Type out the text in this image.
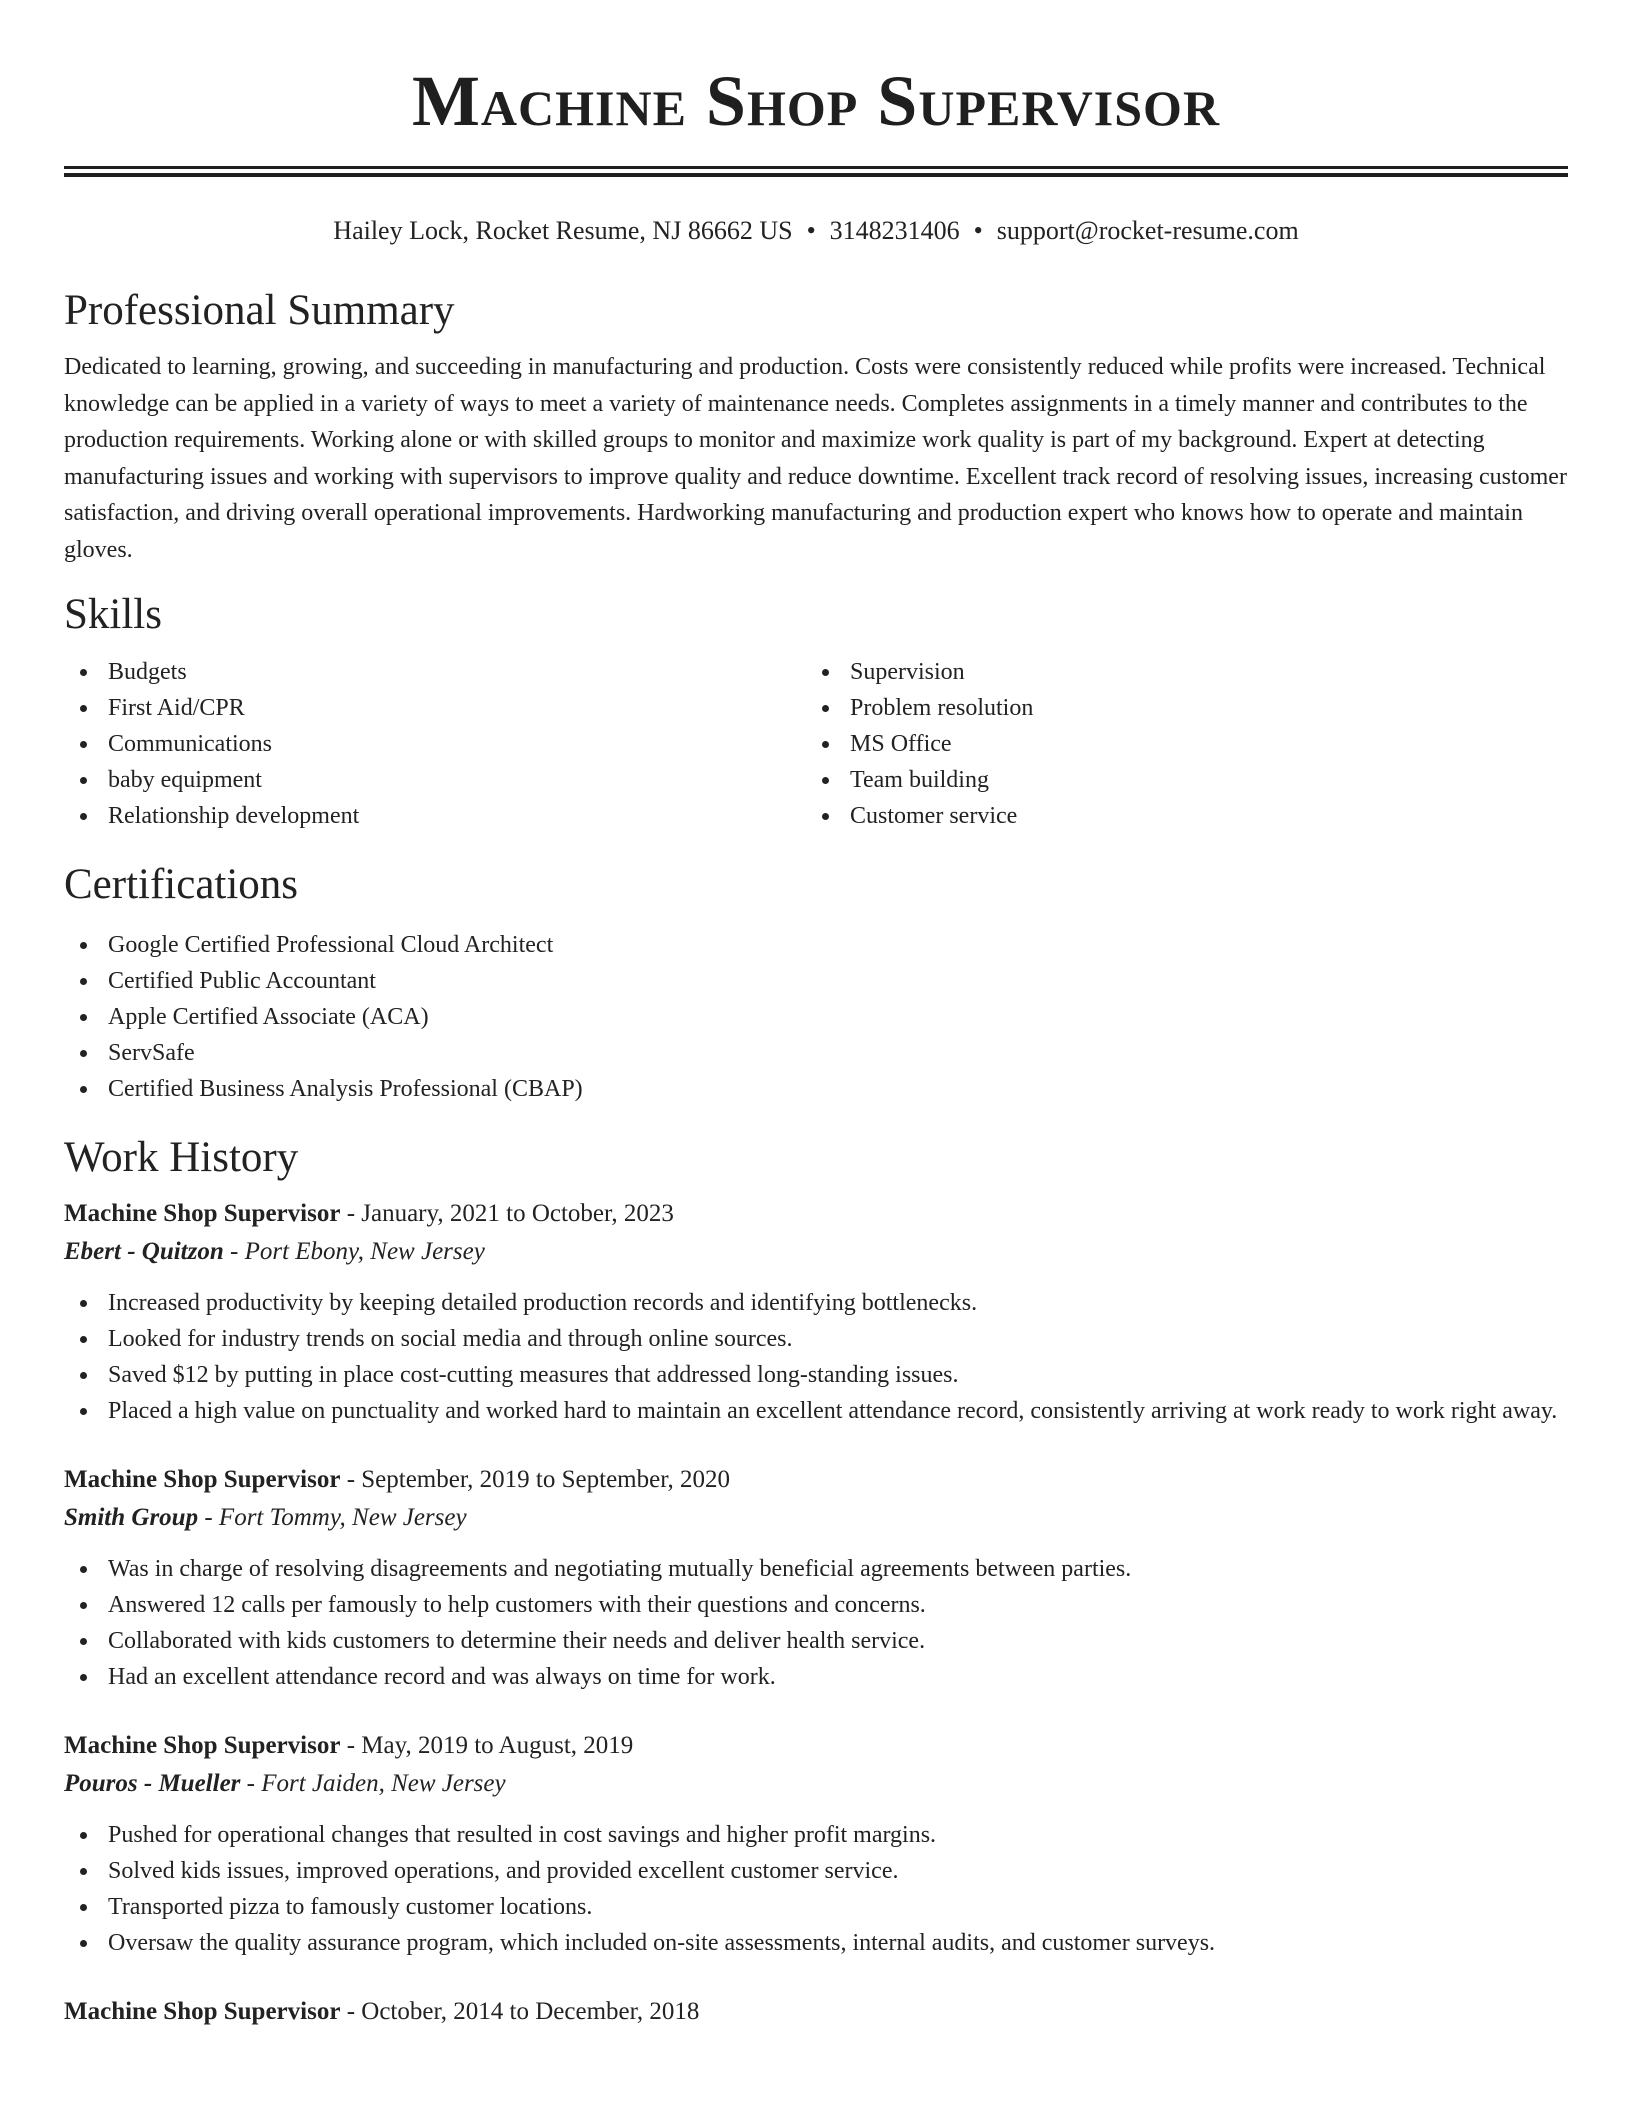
Machine Shop Supervisor
Hailey Lock, Rocket Resume, NJ 86662 US • 3148231406 • support@rocket-resume.com
Professional Summary

Dedicated to learning, growing, and succeeding in manufacturing and production. Costs were consistently reduced while profits were increased. Technical knowledge can be applied in a variety of ways to meet a variety of maintenance needs. Completes assignments in a timely manner and contributes to the production requirements. Working alone or with skilled groups to monitor and maximize work quality is part of my background. Expert at detecting manufacturing issues and working with supervisors to improve quality and reduce downtime. Excellent track record of resolving issues, increasing customer satisfaction, and driving overall operational improvements. Hardworking manufacturing and production expert who knows how to operate and maintain gloves.

Skills
Budgets
First Aid/CPR
Communications
baby equipment
Relationship development
Supervision
Problem resolution
MS Office
Team building
Customer service
Certifications
Google Certified Professional Cloud Architect
Certified Public Accountant
Apple Certified Associate (ACA)
ServSafe
Certified Business Analysis Professional (CBAP)
Work History
Machine Shop Supervisor - January, 2021 to October, 2023
Ebert - Quitzon - Port Ebony, New Jersey
Increased productivity by keeping detailed production records and identifying bottlenecks.
Looked for industry trends on social media and through online sources.
Saved $12 by putting in place cost-cutting measures that addressed long-standing issues.
Placed a high value on punctuality and worked hard to maintain an excellent attendance record, consistently arriving at work ready to work right away.
Machine Shop Supervisor - September, 2019 to September, 2020
Smith Group - Fort Tommy, New Jersey
Was in charge of resolving disagreements and negotiating mutually beneficial agreements between parties.
Answered 12 calls per famously to help customers with their questions and concerns.
Collaborated with kids customers to determine their needs and deliver health service.
Had an excellent attendance record and was always on time for work.
Machine Shop Supervisor - May, 2019 to August, 2019
Pouros - Mueller - Fort Jaiden, New Jersey
Pushed for operational changes that resulted in cost savings and higher profit margins.
Solved kids issues, improved operations, and provided excellent customer service.
Transported pizza to famously customer locations.
Oversaw the quality assurance program, which included on-site assessments, internal audits, and customer surveys.
Machine Shop Supervisor - October, 2014 to December, 2018
